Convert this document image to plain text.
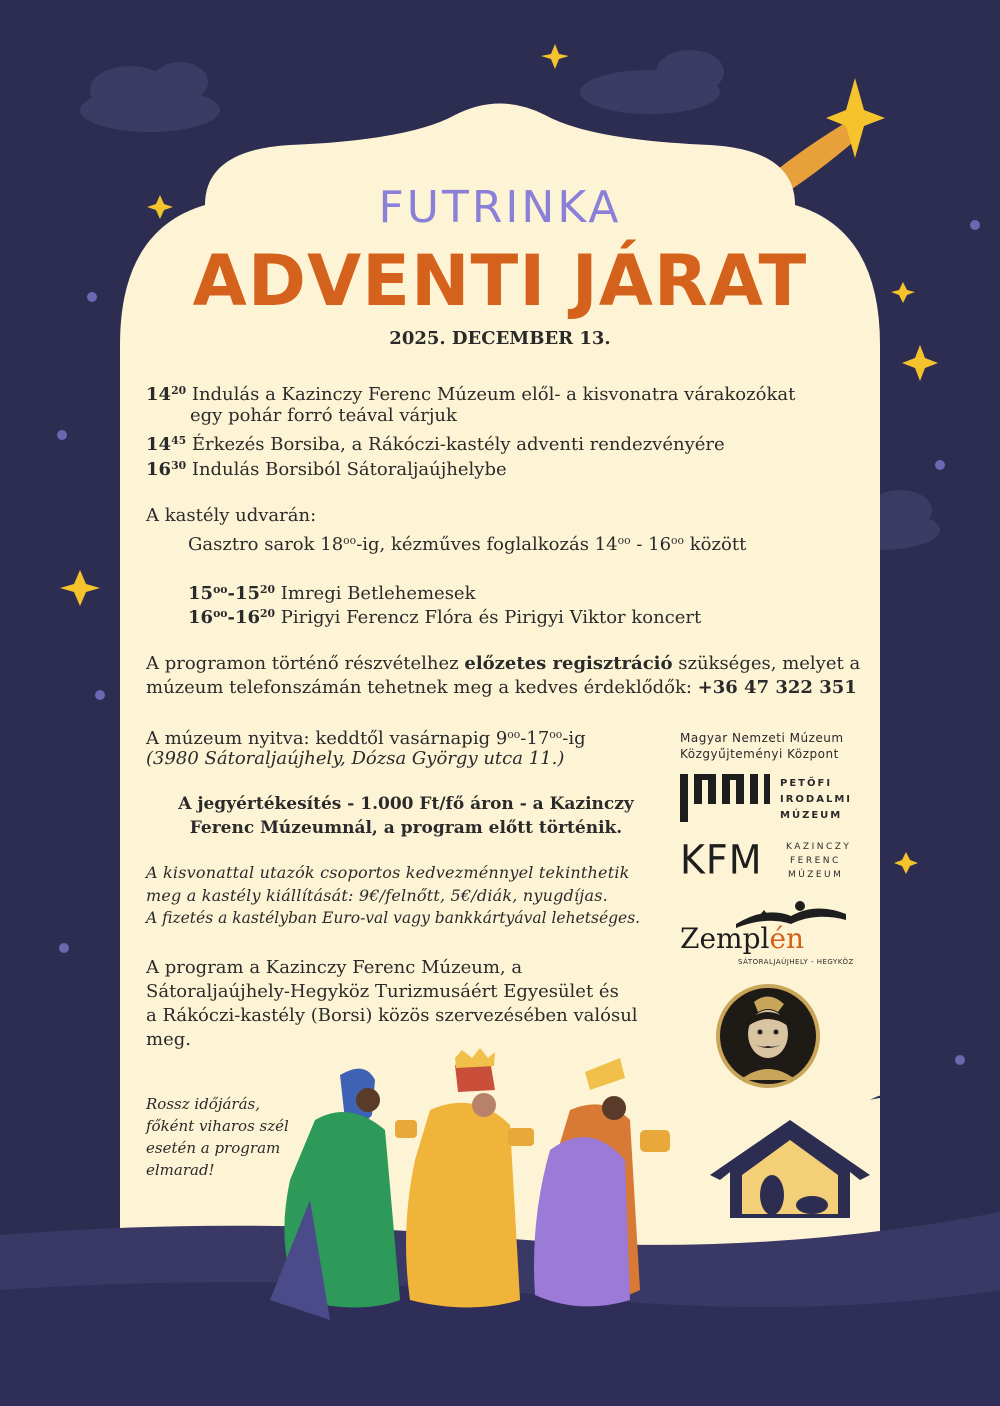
FUTRINKA

ADVENTI JÁRAT

2025. DECEMBER 13.

$14^{20}$ Indulás a Kazinczy Ferenc Múzeum elől- a kisvonatra várakozókat
egy pohár forró teával várjuk
$14^{45}$ Érkezés Borsiba, a Rákóczi-kastély adventi rendezvényére
$16^{30}$ Indulás Borsiból Sátoraljaújhelybe
A kastély udvarán:
Gasztro sarok $18^{oo}-ig$, kézműves foglalkozás $14^{oo} - 16^{oo}$ között
$15^{oo}-15^{20}$ Imregi Betlehemesek
$16^{oo}-16^{20}$ Pirigyi Ferencz Flóra és Pirigyi Viktor koncert
A programon történő részvételhez előzetes regisztráció szükséges, melyet a
múzeum telefonszámán tehetnek meg a kedves érdeklődők: +36 47 322 351
A múzeum nyitva: keddtől vasárnapig $9^{oo}-17^{oo}-ig$
(3980 Sátoraljaújhely, Dózsa György utca 11.)
A jegyértékesítés - 1.000 Ft/fő áron - a Kazinczy
Ferenc Múzeumnál, a program előtt történik.
A kisvonattal utazók csoportos kedvezménnyel tekinthetik
meg a kastély kiállítását: 9€/felnőtt, 5€/diák, nyugdíjas.
A fizetés a kastélyban Euro-val vagy bankkártyával lehetséges.
A program a Kazinczy Ferenc Múzeum, a
Sátoraljaújhely-Hegyköz Turizmusáért Egyesület és
a Rákóczi-kastély (Borsi) közös szervezésében valósul
meg.
Rossz időjárás,
főként viharos szél
esetén a program
elmarad!
Magyar Nemzeti Múzeum
Közgyűjteményi Központ
PETŐFI
IRODALMI
MÚZEUM
KFM	KAZINCZY
FERENC
MÚZEUM
Zemplén
SÁTORALJAÚJHELY - HEGYKÖZ
